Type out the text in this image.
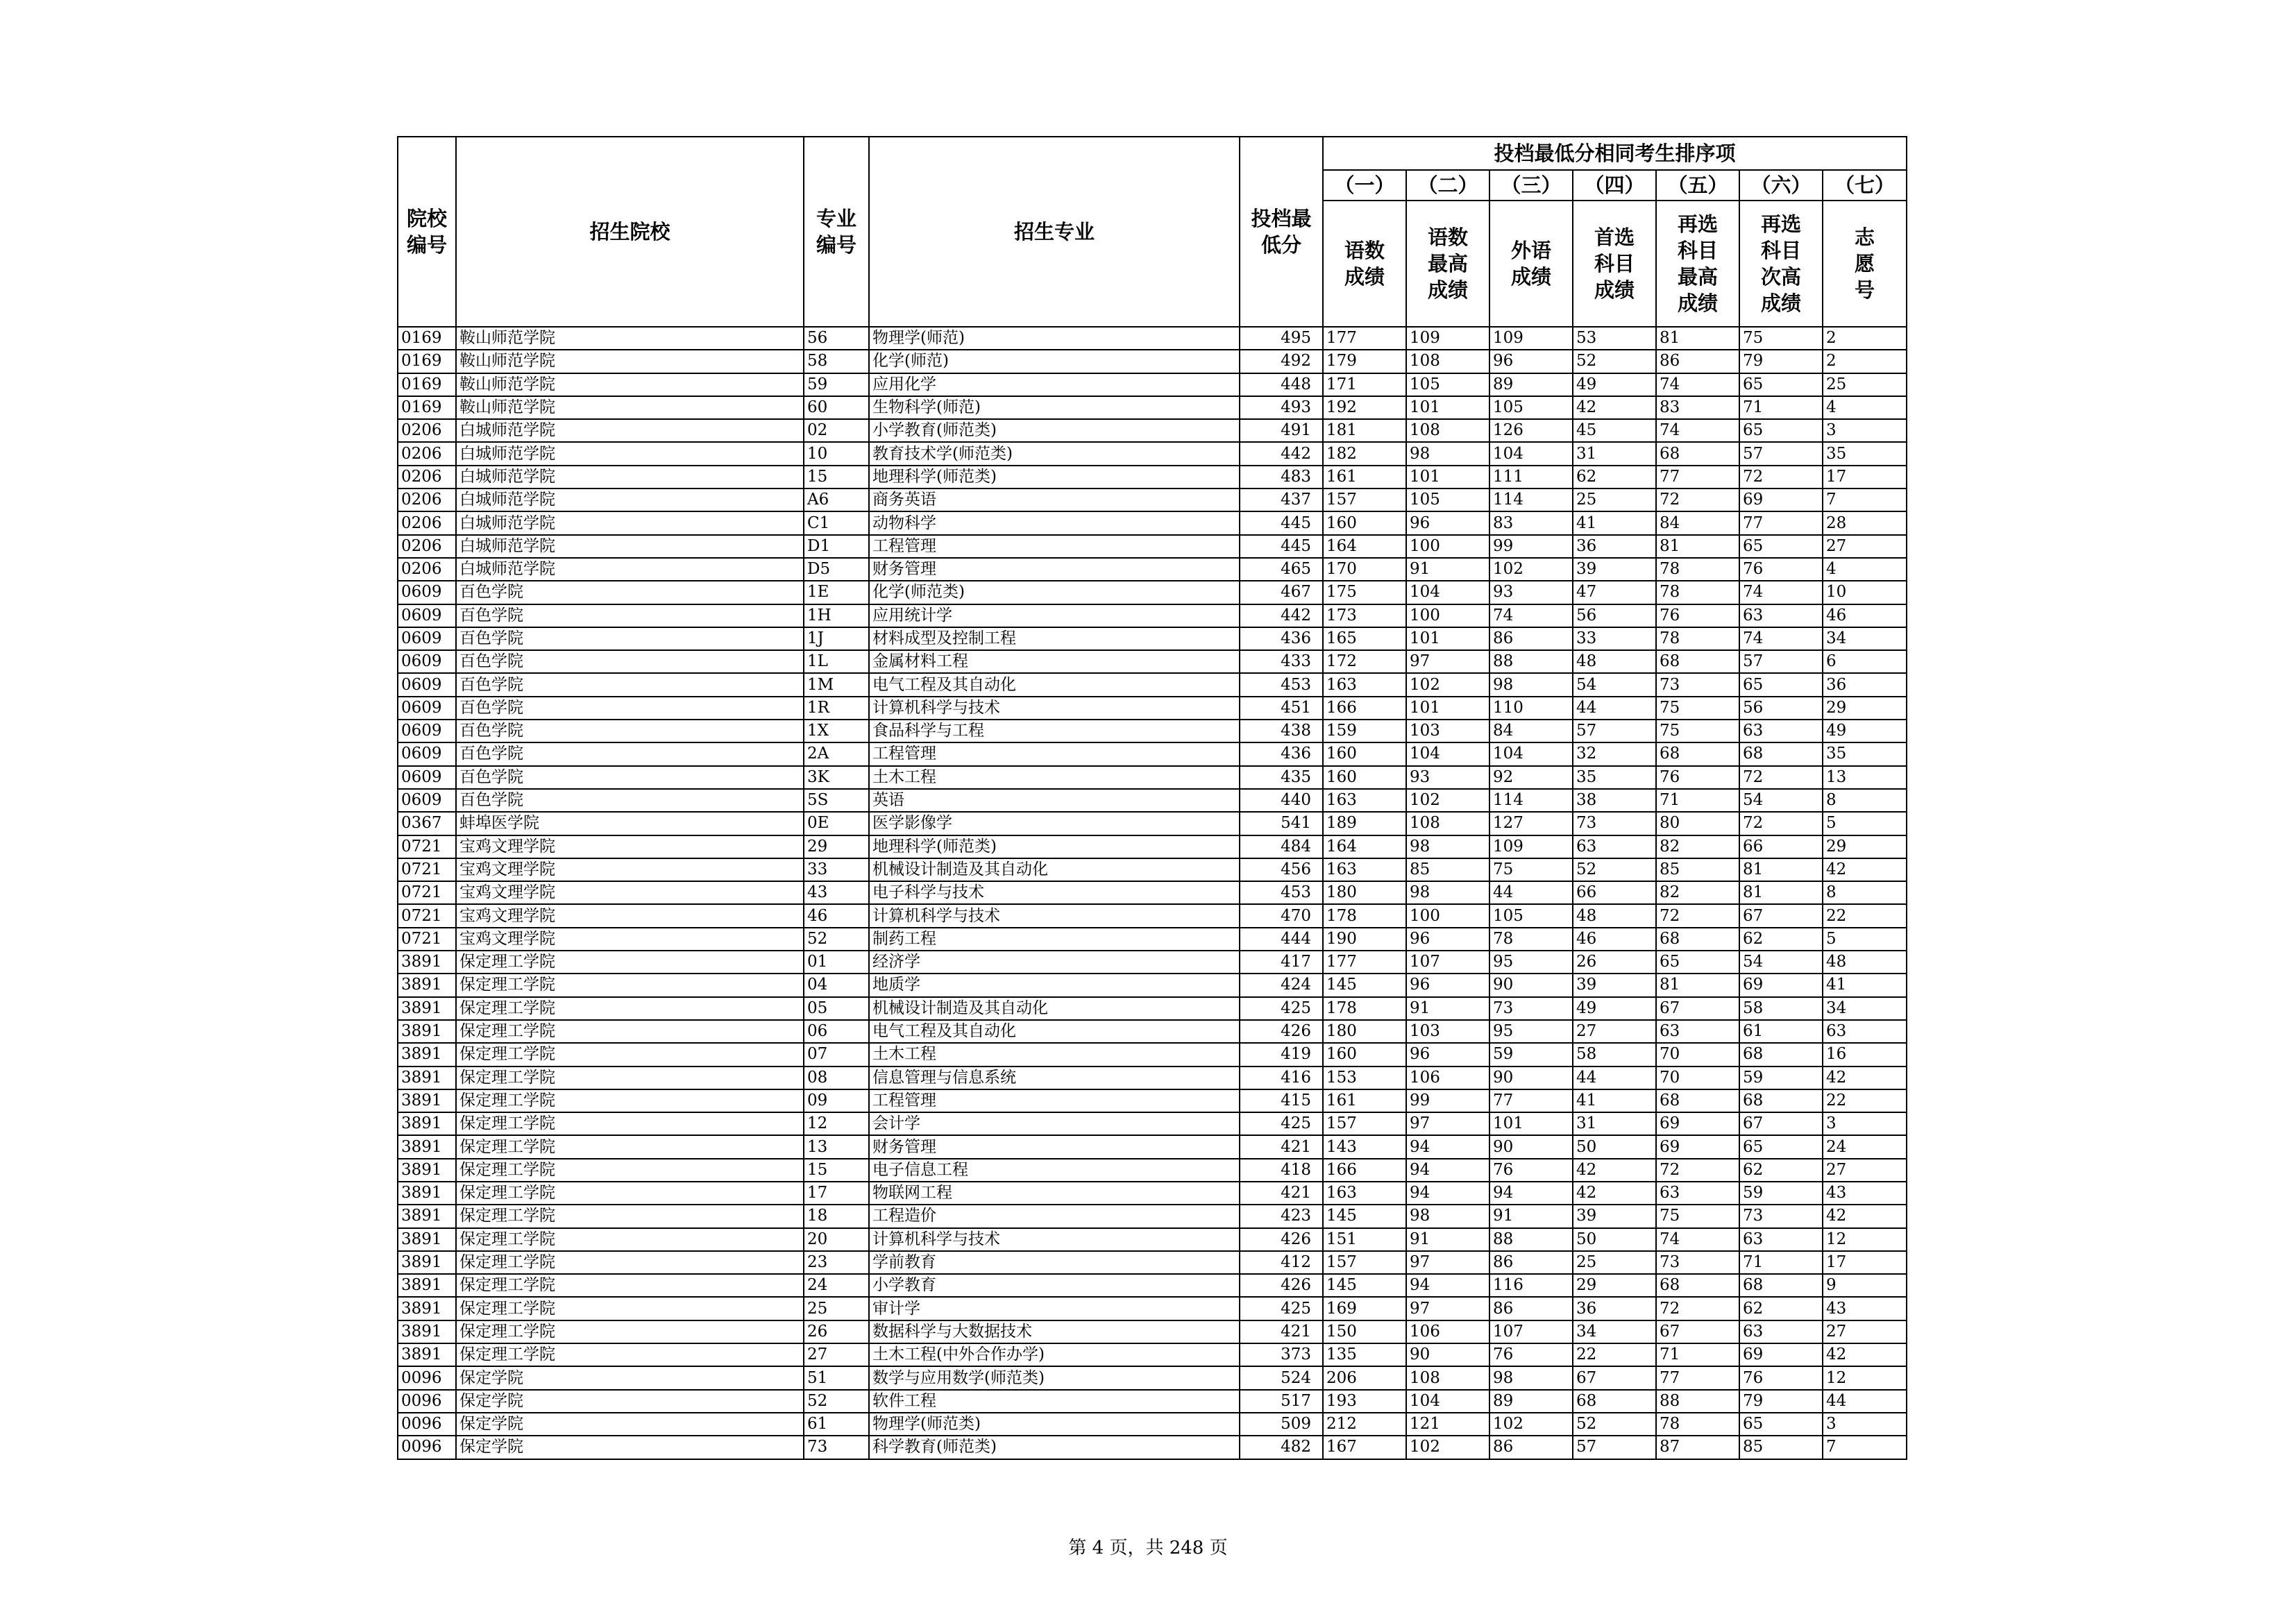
院校编号	招生院校	专业编号	招生专业	投档最低分	投档最低分相同考生排序项						
					（一）	（二）	（三）	（四）	（五）	（六）	（七）
					语数成绩	语数最高成绩	外语成绩	首选科目成绩	再选科目最高成绩	再选科目次高成绩	志愿号
0169	鞍山师范学院	56	物理学(师范)	495	177	109	109	53	81	75	2
0169	鞍山师范学院	58	化学(师范)	492	179	108	96	52	86	79	2
0169	鞍山师范学院	59	应用化学	448	171	105	89	49	74	65	25
0169	鞍山师范学院	60	生物科学(师范)	493	192	101	105	42	83	71	4
0206	白城师范学院	02	小学教育(师范类)	491	181	108	126	45	74	65	3
0206	白城师范学院	10	教育技术学(师范类)	442	182	98	104	31	68	57	35
0206	白城师范学院	15	地理科学(师范类)	483	161	101	111	62	77	72	17
0206	白城师范学院	A6	商务英语	437	157	105	114	25	72	69	7
0206	白城师范学院	C1	动物科学	445	160	96	83	41	84	77	28
0206	白城师范学院	D1	工程管理	445	164	100	99	36	81	65	27
0206	白城师范学院	D5	财务管理	465	170	91	102	39	78	76	4
0609	百色学院	1E	化学(师范类)	467	175	104	93	47	78	74	10
0609	百色学院	1H	应用统计学	442	173	100	74	56	76	63	46
0609	百色学院	1J	材料成型及控制工程	436	165	101	86	33	78	74	34
0609	百色学院	1L	金属材料工程	433	172	97	88	48	68	57	6
0609	百色学院	1M	电气工程及其自动化	453	163	102	98	54	73	65	36
0609	百色学院	1R	计算机科学与技术	451	166	101	110	44	75	56	29
0609	百色学院	1X	食品科学与工程	438	159	103	84	57	75	63	49
0609	百色学院	2A	工程管理	436	160	104	104	32	68	68	35
0609	百色学院	3K	土木工程	435	160	93	92	35	76	72	13
0609	百色学院	5S	英语	440	163	102	114	38	71	54	8
0367	蚌埠医学院	0E	医学影像学	541	189	108	127	73	80	72	5
0721	宝鸡文理学院	29	地理科学(师范类)	484	164	98	109	63	82	66	29
0721	宝鸡文理学院	33	机械设计制造及其自动化	456	163	85	75	52	85	81	42
0721	宝鸡文理学院	43	电子科学与技术	453	180	98	44	66	82	81	8
0721	宝鸡文理学院	46	计算机科学与技术	470	178	100	105	48	72	67	22
0721	宝鸡文理学院	52	制药工程	444	190	96	78	46	68	62	5
3891	保定理工学院	01	经济学	417	177	107	95	26	65	54	48
3891	保定理工学院	04	地质学	424	145	96	90	39	81	69	41
3891	保定理工学院	05	机械设计制造及其自动化	425	178	91	73	49	67	58	34
3891	保定理工学院	06	电气工程及其自动化	426	180	103	95	27	63	61	63
3891	保定理工学院	07	土木工程	419	160	96	59	58	70	68	16
3891	保定理工学院	08	信息管理与信息系统	416	153	106	90	44	70	59	42
3891	保定理工学院	09	工程管理	415	161	99	77	41	68	68	22
3891	保定理工学院	12	会计学	425	157	97	101	31	69	67	3
3891	保定理工学院	13	财务管理	421	143	94	90	50	69	65	24
3891	保定理工学院	15	电子信息工程	418	166	94	76	42	72	62	27
3891	保定理工学院	17	物联网工程	421	163	94	94	42	63	59	43
3891	保定理工学院	18	工程造价	423	145	98	91	39	75	73	42
3891	保定理工学院	20	计算机科学与技术	426	151	91	88	50	74	63	12
3891	保定理工学院	23	学前教育	412	157	97	86	25	73	71	17
3891	保定理工学院	24	小学教育	426	145	94	116	29	68	68	9
3891	保定理工学院	25	审计学	425	169	97	86	36	72	62	43
3891	保定理工学院	26	数据科学与大数据技术	421	150	106	107	34	67	63	27
3891	保定理工学院	27	土木工程(中外合作办学)	373	135	90	76	22	71	69	42
0096	保定学院	51	数学与应用数学(师范类)	524	206	108	98	67	77	76	12
0096	保定学院	52	软件工程	517	193	104	89	68	88	79	44
0096	保定学院	61	物理学(师范类)	509	212	121	102	52	78	65	3
0096	保定学院	73	科学教育(师范类)	482	167	102	86	57	87	85	7
第 4 页，共 248 页
